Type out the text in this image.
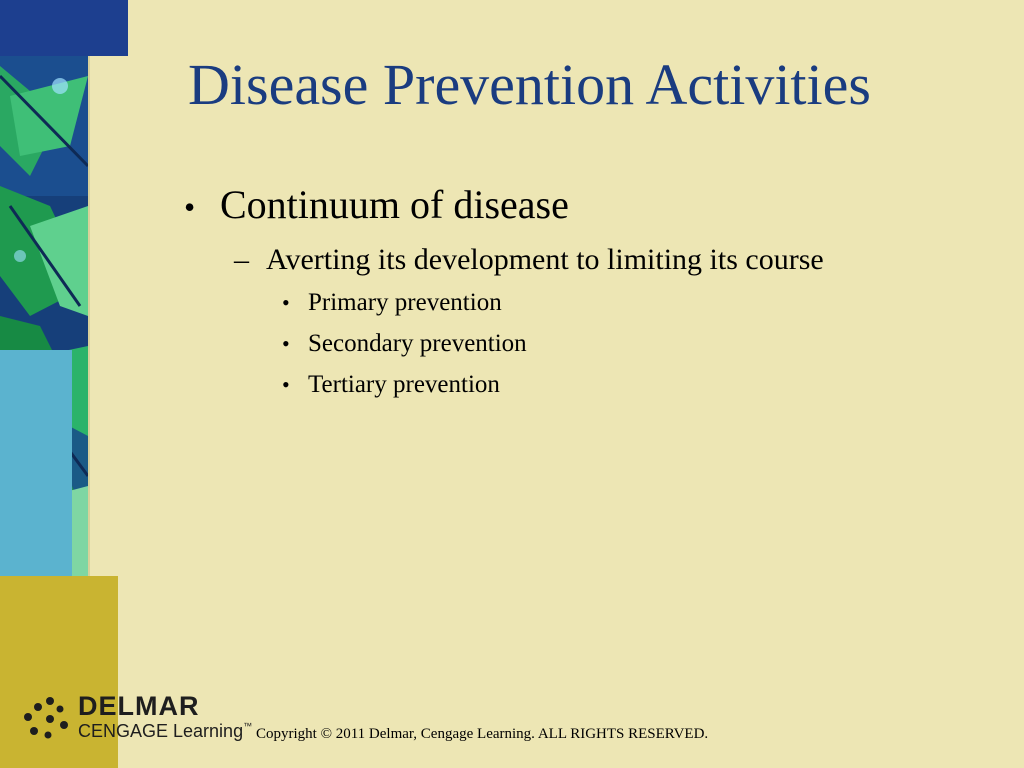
Disease Prevention Activities
• Continuum of disease
– Averting its development to limiting its course
• Primary prevention
• Secondary prevention
• Tertiary prevention
DELMAR
CENGAGE Learning™ Copyright © 2011 Delmar, Cengage Learning. ALL RIGHTS RESERVED.
